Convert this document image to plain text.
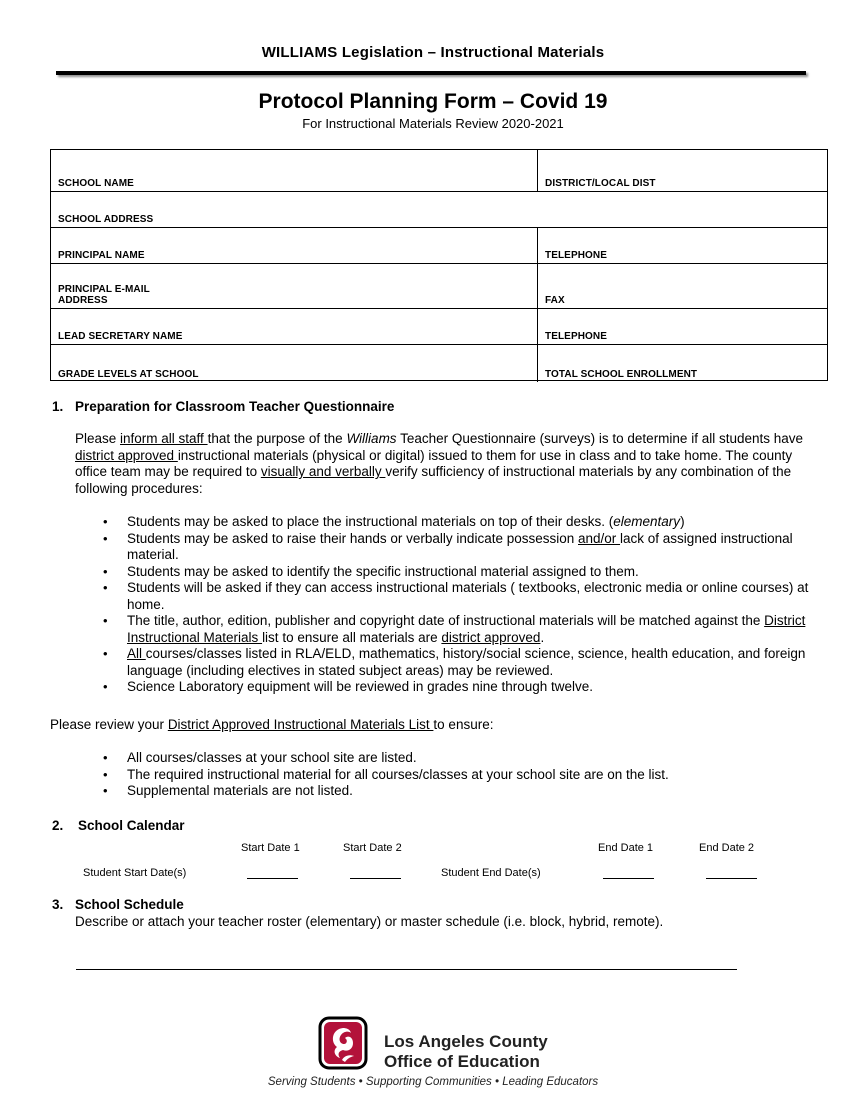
WILLIAMS Legislation – Instructional Materials
Protocol Planning Form – Covid 19
For Instructional Materials Review 2020-2021
SCHOOL NAME	DISTRICT/LOCAL DIST
SCHOOL ADDRESS
PRINCIPAL NAME	TELEPHONE
PRINCIPAL E-MAIL
ADDRESS	FAX
LEAD SECRETARY NAME	TELEPHONE
GRADE LEVELS AT SCHOOL	TOTAL SCHOOL ENROLLMENT
1. Preparation for Classroom Teacher Questionnaire
Please inform all staff that the purpose of the Williams Teacher Questionnaire (surveys) is to determine if all students have district approved instructional materials (physical or digital) issued to them for use in class and to take home. The county office team may be required to visually and verbally verify sufficiency of instructional materials by any combination of the following procedures:
• Students may be asked to place the instructional materials on top of their desks. (elementary)
• Students may be asked to raise their hands or verbally indicate possession and/or lack of assigned instructional material.
• Students may be asked to identify the specific instructional material assigned to them.
• Students will be asked if they can access instructional materials ( textbooks, electronic media or online courses) at home.
• The title, author, edition, publisher and copyright date of instructional materials will be matched against the District Instructional Materials list to ensure all materials are district approved.
• All courses/classes listed in RLA/ELD, mathematics, history/social science, science, health education, and foreign language (including electives in stated subject areas) may be reviewed.
• Science Laboratory equipment will be reviewed in grades nine through twelve.
Please review your District Approved Instructional Materials List to ensure:
• All courses/classes at your school site are listed.
• The required instructional material for all courses/classes at your school site are on the list.
• Supplemental materials are not listed.
2. School Calendar
Start Date 1	Start Date 2	End Date 1	End Date 2
Student Start Date(s)	Student End Date(s)
3. School Schedule
Describe or attach your teacher roster (elementary) or master schedule (i.e. block, hybrid, remote).
Los Angeles County
Office of Education
Serving Students • Supporting Communities • Leading Educators
